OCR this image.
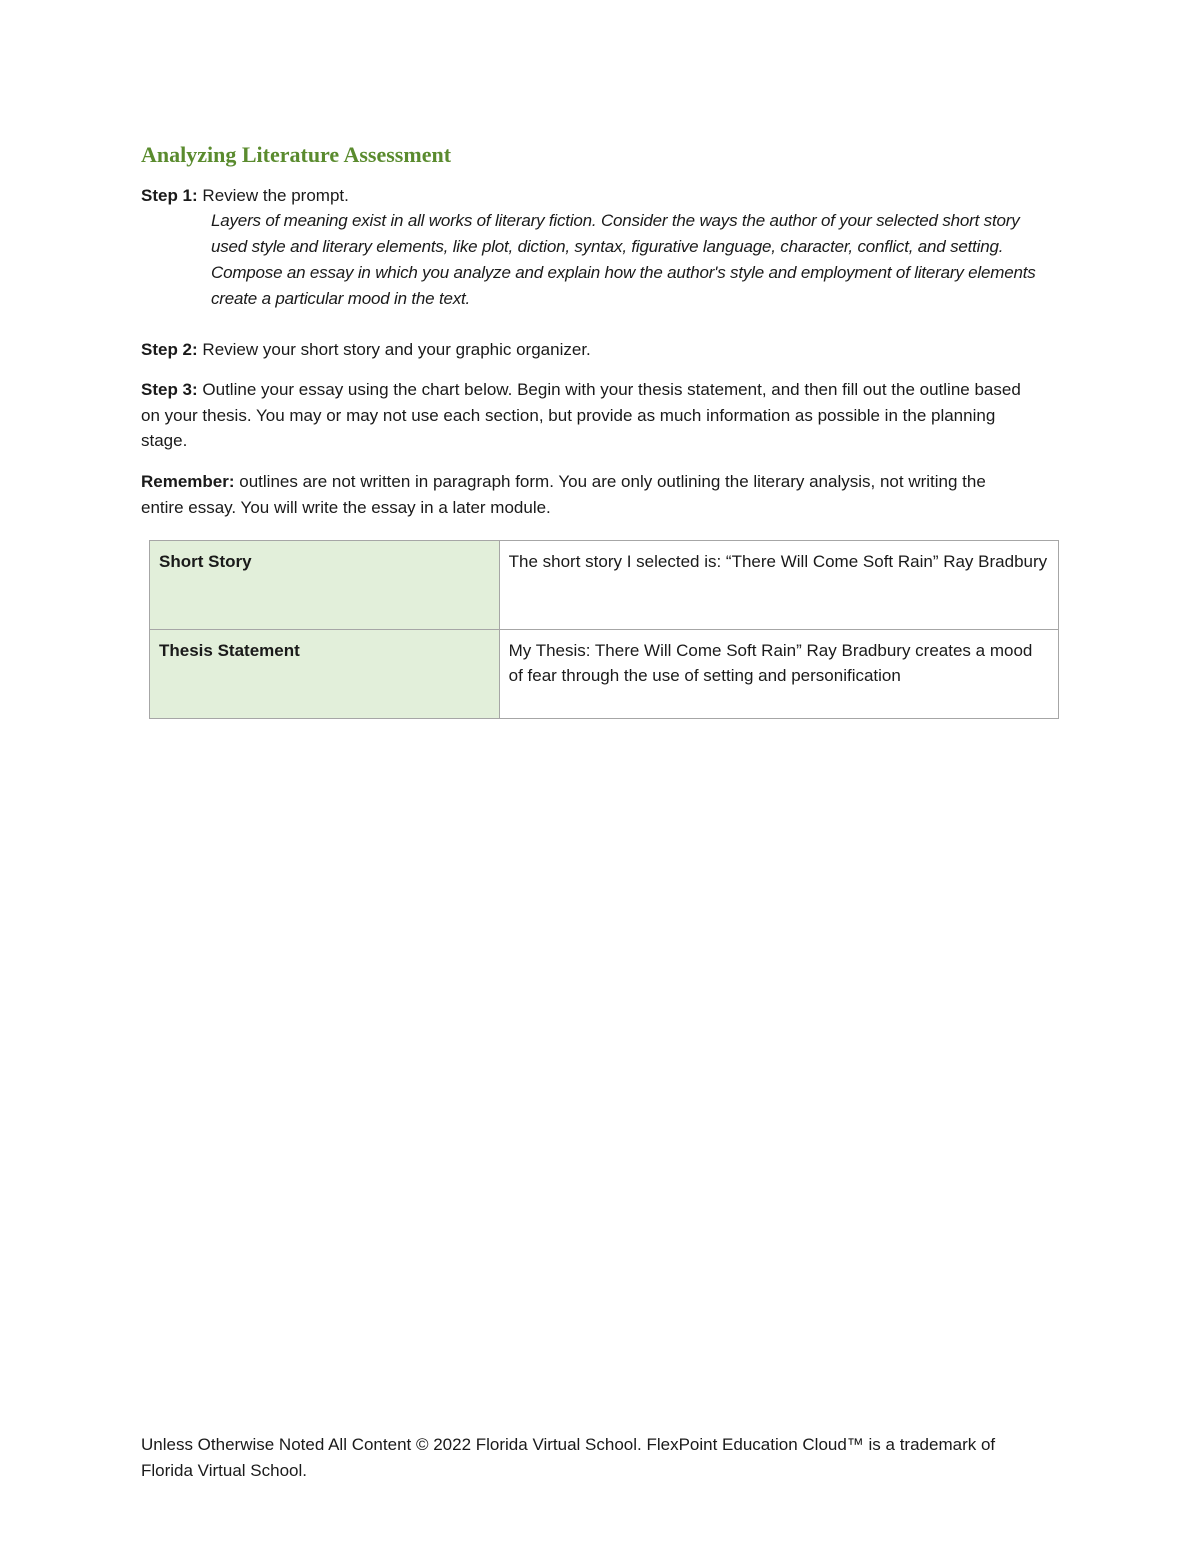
Analyzing Literature Assessment

Step 1: Review the prompt.

Layers of meaning exist in all works of literary fiction. Consider the ways the author of your selected short story used style and literary elements, like plot, diction, syntax, figurative language, character, conflict, and setting. Compose an essay in which you analyze and explain how the author's style and employment of literary elements create a particular mood in the text.

Step 2: Review your short story and your graphic organizer.

Step 3: Outline your essay using the chart below. Begin with your thesis statement, and then fill out the outline based on your thesis. You may or may not use each section, but provide as much information as possible in the planning stage.

Remember: outlines are not written in paragraph form. You are only outlining the literary analysis, not writing the entire essay. You will write the essay in a later module.

Short Story	The short story I selected is: “There Will Come Soft Rain” Ray Bradbury
Thesis Statement	My Thesis: There Will Come Soft Rain” Ray Bradbury creates a mood of fear through the use of setting and personification

Unless Otherwise Noted All Content © 2022 Florida Virtual School. FlexPoint Education Cloud™ is a trademark of Florida Virtual School.
